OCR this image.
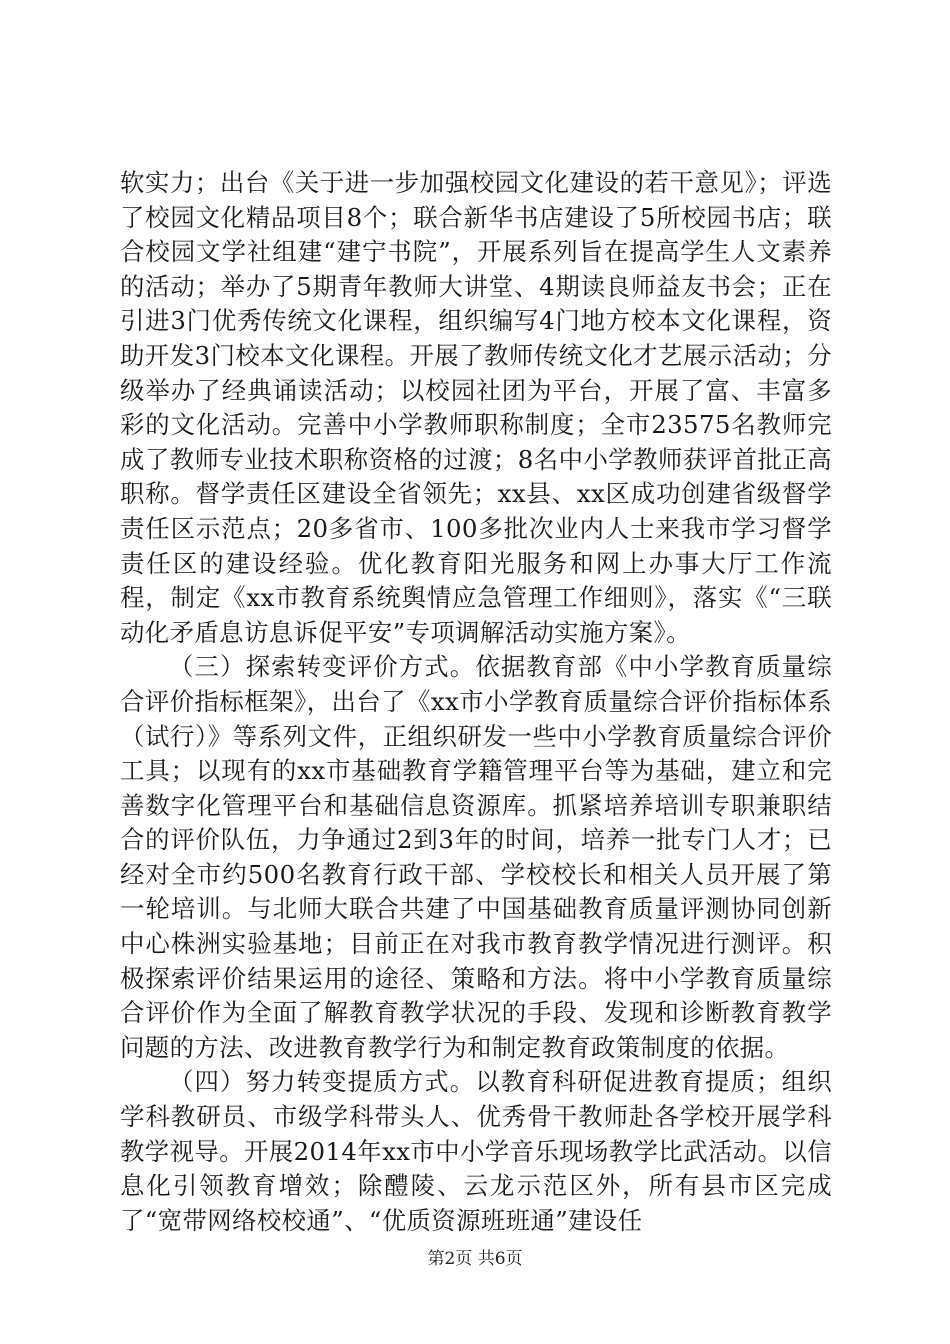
软实力；出台《关于进一步加强校园文化建设的若干意见》；评选了校园文化精品项目8个；联合新华书店建设了5所校园书店；联合校园文学社组建“建宁书院”，开展系列旨在提高学生人文素养的活动；举办了5期青年教师大讲堂、4期读良师益友书会；正在引进3门优秀传统文化课程，组织编写4门地方校本文化课程，资助开发3门校本文化课程。开展了教师传统文化才艺展示活动；分级举办了经典诵读活动；以校园社团为平台，开展了富、丰富多彩的文化活动。完善中小学教师职称制度；全市23575名教师完成了教师专业技术职称资格的过渡；8名中小学教师获评首批正高职称。督学责任区建设全省领先；xx县、xx区成功创建省级督学责任区示范点；20多省市、100多批次业内人士来我市学习督学责任区的建设经验。优化教育阳光服务和网上办事大厅工作流程，制定《xx市教育系统舆情应急管理工作细则》，落实《“三联动化矛盾息访息诉促平安”专项调解活动实施方案》。

（三）探索转变评价方式。依据教育部《中小学教育质量综合评价指标框架》，出台了《xx市小学教育质量综合评价指标体系（试行）》等系列文件，正组织研发一些中小学教育质量综合评价工具；以现有的xx市基础教育学籍管理平台等为基础，建立和完善数字化管理平台和基础信息资源库。抓紧培养培训专职兼职结合的评价队伍，力争通过2到3年的时间，培养一批专门人才；已经对全市约500名教育行政干部、学校校长和相关人员开展了第一轮培训。与北师大联合共建了中国基础教育质量评测协同创新中心株洲实验基地；目前正在对我市教育教学情况进行测评。积极探索评价结果运用的途径、策略和方法。将中小学教育质量综合评价作为全面了解教育教学状况的手段、发现和诊断教育教学问题的方法、改进教育教学行为和制定教育政策制度的依据。

（四）努力转变提质方式。以教育科研促进教育提质；组织学科教研员、市级学科带头人、优秀骨干教师赴各学校开展学科教学视导。开展2014年xx市中小学音乐现场教学比武活动。以信息化引领教育增效；除醴陵、云龙示范区外，所有县市区完成了“宽带网络校校通”、“优质资源班班通”建设任

第2页 共6页
